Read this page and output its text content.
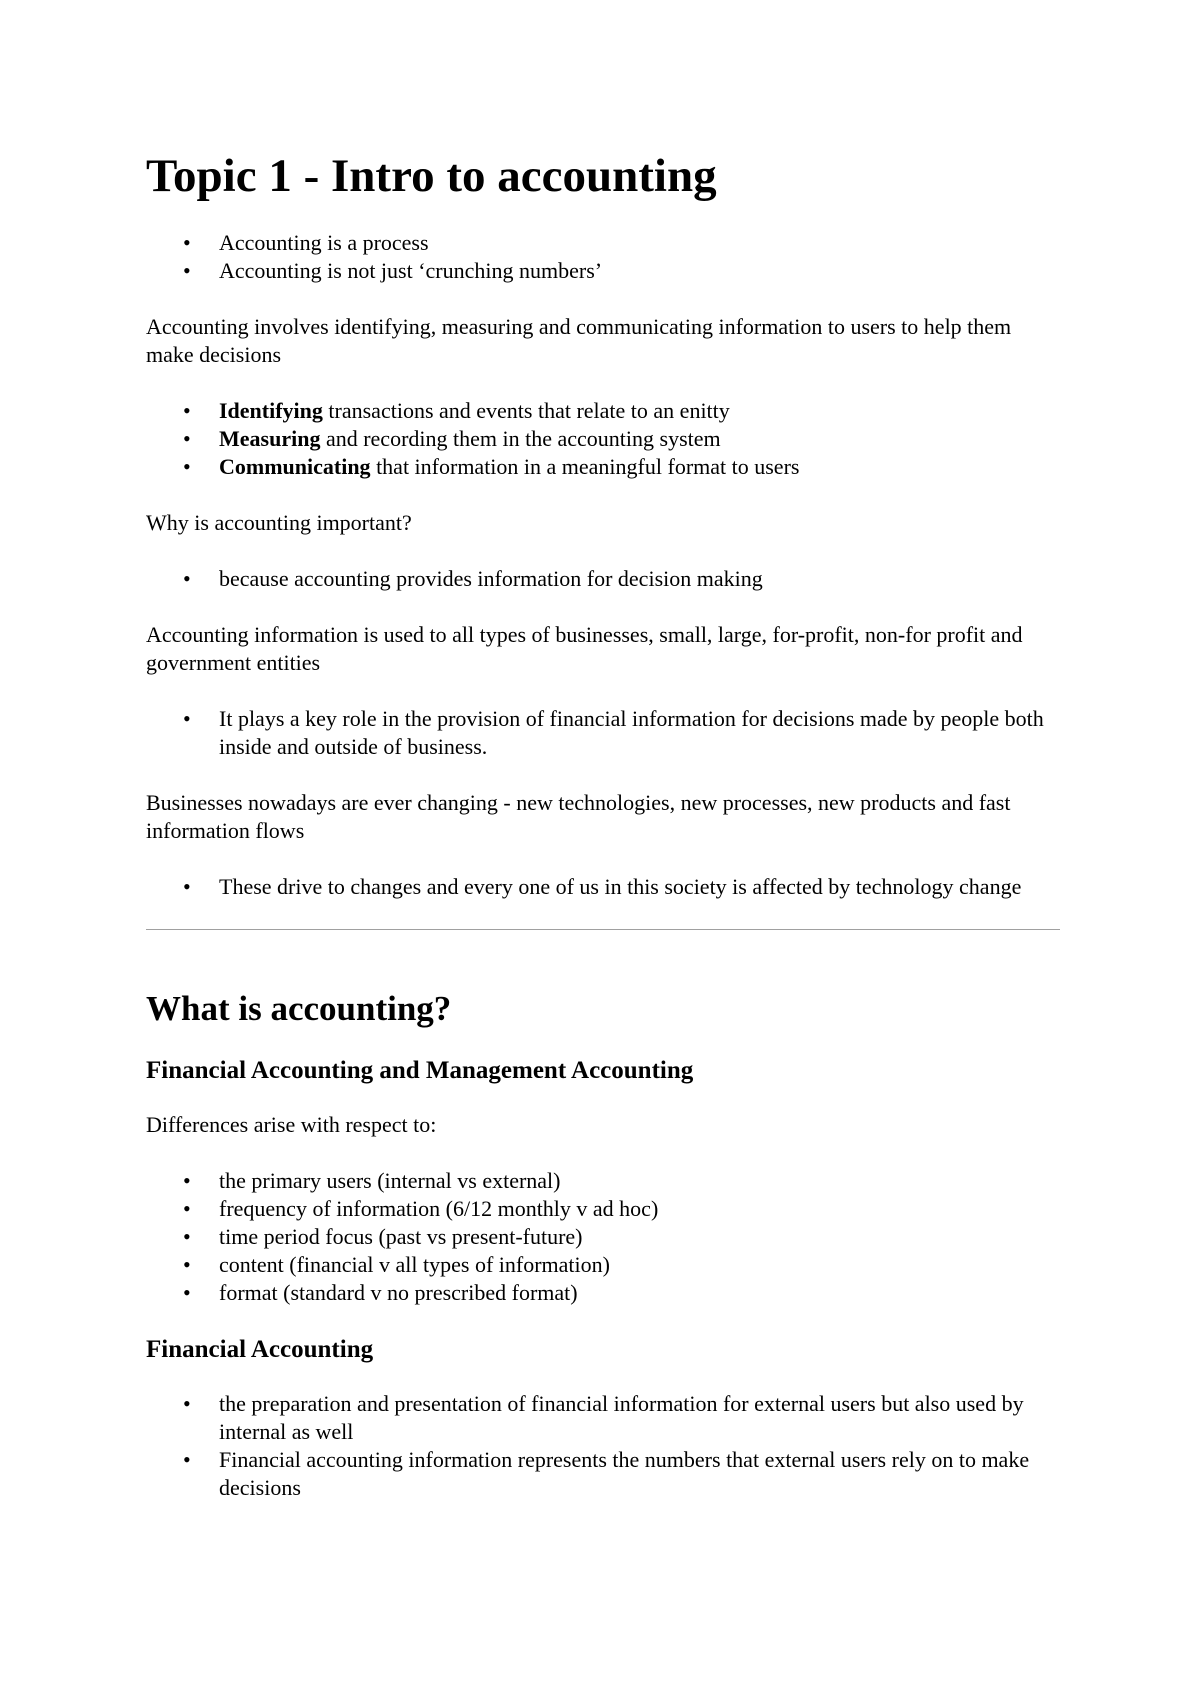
Topic 1 - Intro to accounting
• Accounting is a process
• Accounting is not just ‘crunching numbers’

Accounting involves identifying, measuring and communicating information to users to help them make decisions

• Identifying transactions and events that relate to an enitty
• Measuring and recording them in the accounting system
• Communicating that information in a meaningful format to users

Why is accounting important?

• because accounting provides information for decision making

Accounting information is used to all types of businesses, small, large, for-profit, non-for profit and government entities

• It plays a key role in the provision of financial information for decisions made by people both inside and outside of business.

Businesses nowadays are ever changing - new technologies, new processes, new products and fast information flows

• These drive to changes and every one of us in this society is affected by technology change
What is accounting?
Financial Accounting and Management Accounting

Differences arise with respect to:

• the primary users (internal vs external)
• frequency of information (6/12 monthly v ad hoc)
• time period focus (past vs present-future)
• content (financial v all types of information)
• format (standard v no prescribed format)
Financial Accounting
• the preparation and presentation of financial information for external users but also used by internal as well
• Financial accounting information represents the numbers that external users rely on to make decisions
